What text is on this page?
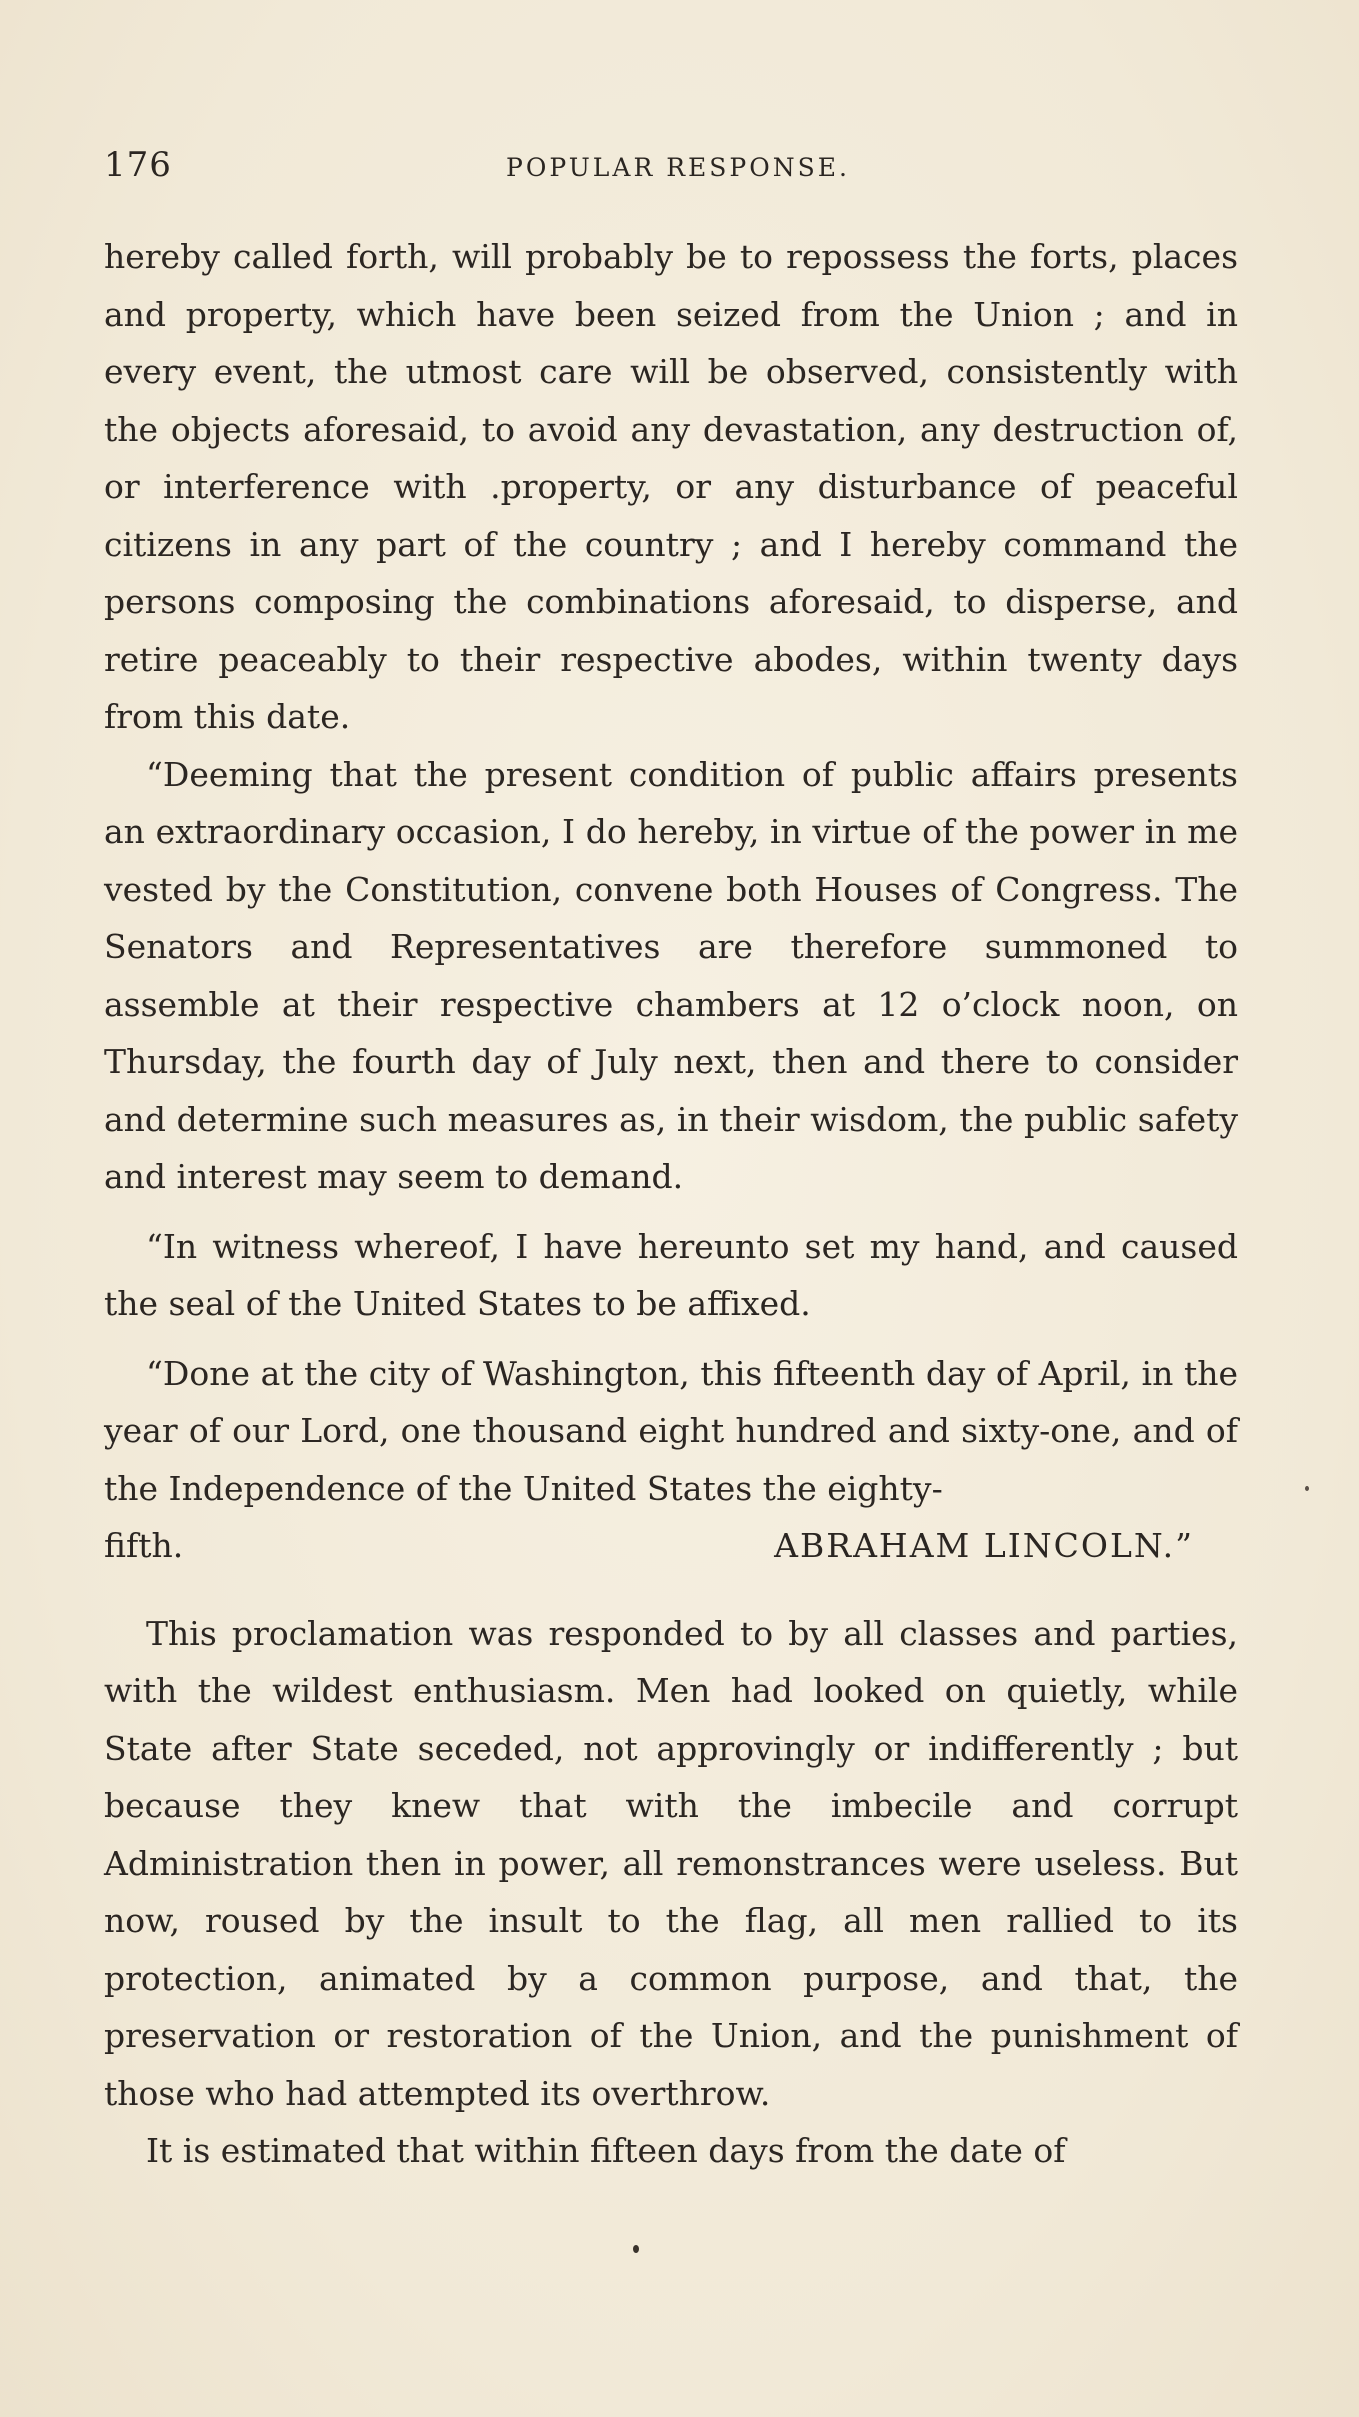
176	POPULAR RESPONSE.

hereby called forth, will probably be to repossess the forts, places and property, which have been seized from the Union ; and in every event, the utmost care will be observed, consistently with the objects aforesaid, to avoid any devastation, any destruction of, or interference with .property, or any disturbance of peaceful citizens in any part of the country ; and I hereby command the persons composing the combinations aforesaid, to disperse, and retire peaceably to their respective abodes, within twenty days from this date.

“Deeming that the present condition of public affairs presents an extraordinary occasion, I do hereby, in virtue of the power in me vested by the Constitution, convene both Houses of Congress. The Senators and Representatives are therefore summoned to assemble at their respective chambers at 12 o’clock noon, on Thursday, the fourth day of July next, then and there to consider and determine such measures as, in their wisdom, the public safety and interest may seem to demand.

“In witness whereof, I have hereunto set my hand, and caused the seal of the United States to be affixed.

“Done at the city of Washington, this fifteenth day of April, in the year of our Lord, one thousand eight hundred and sixty-one, and of the Independence of the United States the eighty-

fifth.	ABRAHAM LINCOLN.”

This proclamation was responded to by all classes and parties, with the wildest enthusiasm. Men had looked on quietly, while State after State seceded, not approvingly or indifferently ; but because they knew that with the imbecile and corrupt Administration then in power, all remonstrances were useless. But now, roused by the insult to the flag, all men rallied to its protection, animated by a common purpose, and that, the preservation or restoration of the Union, and the punishment of those who had attempted its overthrow.

It is estimated that within fifteen days from the date of
